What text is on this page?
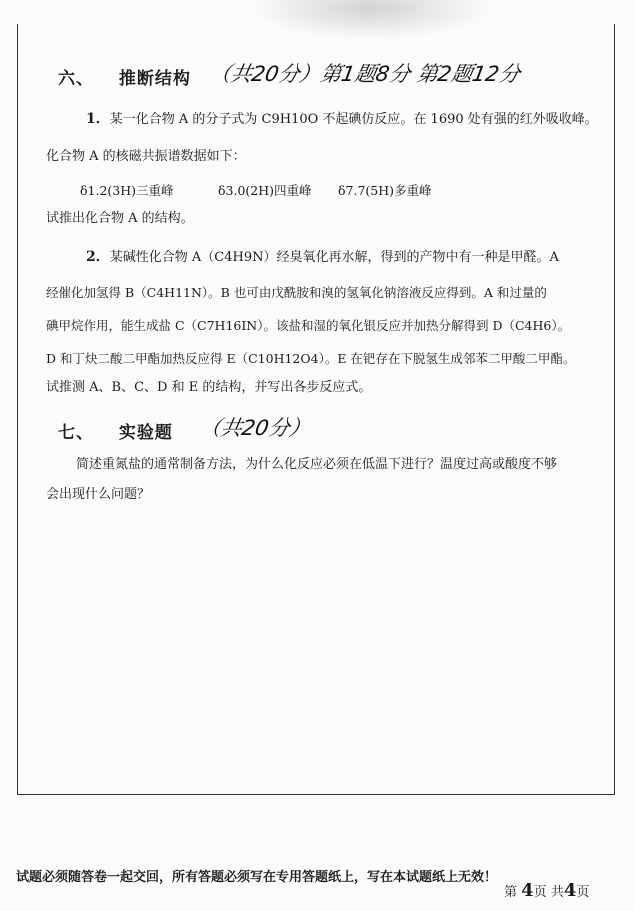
六、 推断结构 （共20分）第1题8分 第2题12分
1．某一化合物 A 的分子式为 C9H10O 不起碘仿反应。在 1690 处有强的红外吸收峰。
化合物 A 的核磁共振谱数据如下：
δ1.2(3H)三重峰	δ3.0(2H)四重峰 δ7.7(5H)多重峰
试推出化合物 A 的结构。
2．某碱性化合物 A（C4H9N）经臭氧化再水解，得到的产物中有一种是甲醛。A
经催化加氢得 B（C4H11N）。B 也可由戊酰胺和溴的氢氧化钠溶液反应得到。A 和过量的
碘甲烷作用，能生成盐 C（C7H16IN）。该盐和湿的氧化银反应并加热分解得到 D（C4H6）。
D 和丁炔二酸二甲酯加热反应得 E（C10H12O4）。E 在钯存在下脱氢生成邻苯二甲酸二甲酯。
试推测 A、B、C、D 和 E 的结构，并写出各步反应式。
七、 实验题 （共20分）
简述重氮盐的通常制备方法，为什么化反应必须在低温下进行？温度过高或酸度不够
会出现什么问题？
试题必须随答卷一起交回，所有答题必须写在专用答题纸上，写在本试题纸上无效！
第 4页 共4页
